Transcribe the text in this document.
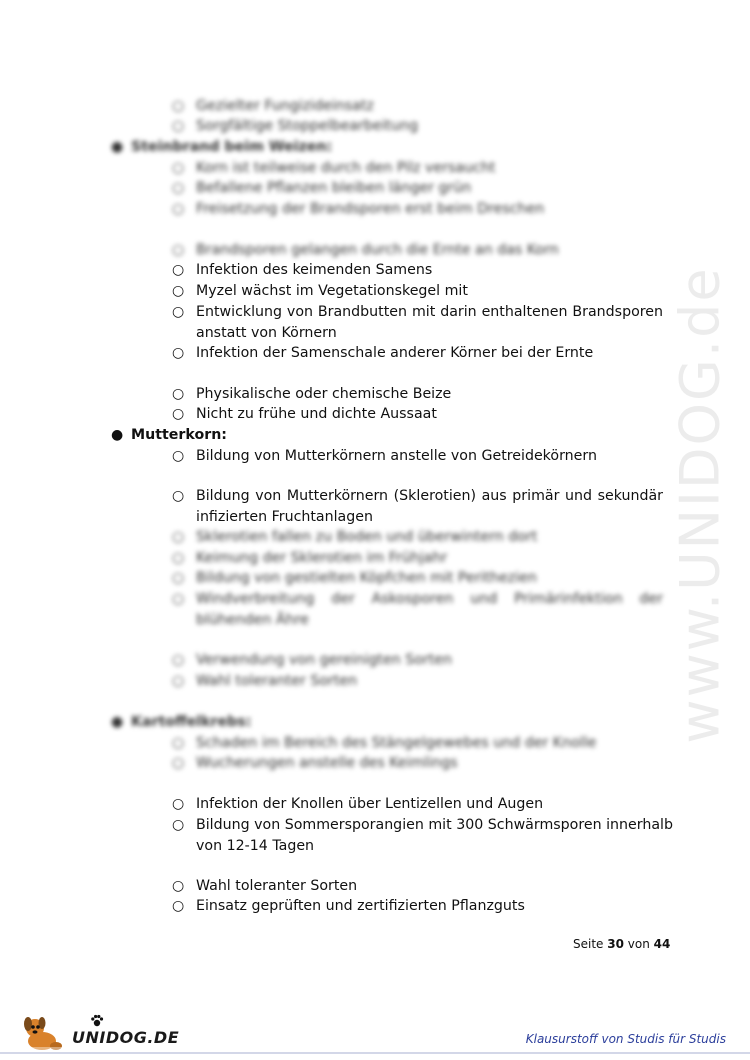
www.UNIDOG.de
○ Gezielter Fungizideinsatz
○ Sorgfältige Stoppelbearbeitung
● Steinbrand beim Weizen:
○ Korn ist teilweise durch den Pilz versaucht
○ Befallene Pflanzen bleiben länger grün
○ Freisetzung der Brandsporen erst beim Dreschen
○ Brandsporen gelangen durch die Ernte an das Korn
○ Infektion des keimenden Samens
○ Myzel wächst im Vegetationskegel mit
○ Entwicklung von Brandbutten mit darin enthaltenen Brandsporen
anstatt von Körnern
○ Infektion der Samenschale anderer Körner bei der Ernte
○ Physikalische oder chemische Beize
○ Nicht zu frühe und dichte Aussaat
● Mutterkorn:
○ Bildung von Mutterkörnern anstelle von Getreidekörnern
○ Bildung von Mutterkörnern (Sklerotien) aus primär und sekundär
infizierten Fruchtanlagen
○ Sklerotien fallen zu Boden und überwintern dort
○ Keimung der Sklerotien im Frühjahr
○ Bildung von gestielten Köpfchen mit Perithezien
○ Windverbreitung der Askosporen und Primärinfektion der
blühenden Ähre
○ Verwendung von gereinigten Sorten
○ Wahl toleranter Sorten
● Kartoffelkrebs:
○ Schaden im Bereich des Stängelgewebes und der Knolle
○ Wucherungen anstelle des Keimlings
○ Infektion der Knollen über Lentizellen und Augen
○ Bildung von Sommersporangien mit 300 Schwärmsporen innerhalb
von 12-14 Tagen
○ Wahl toleranter Sorten
○ Einsatz geprüften und zertifizierten Pflanzguts
Seite 30 von 44
UNIDOG.DE	Klausurstoff von Studis für Studis
